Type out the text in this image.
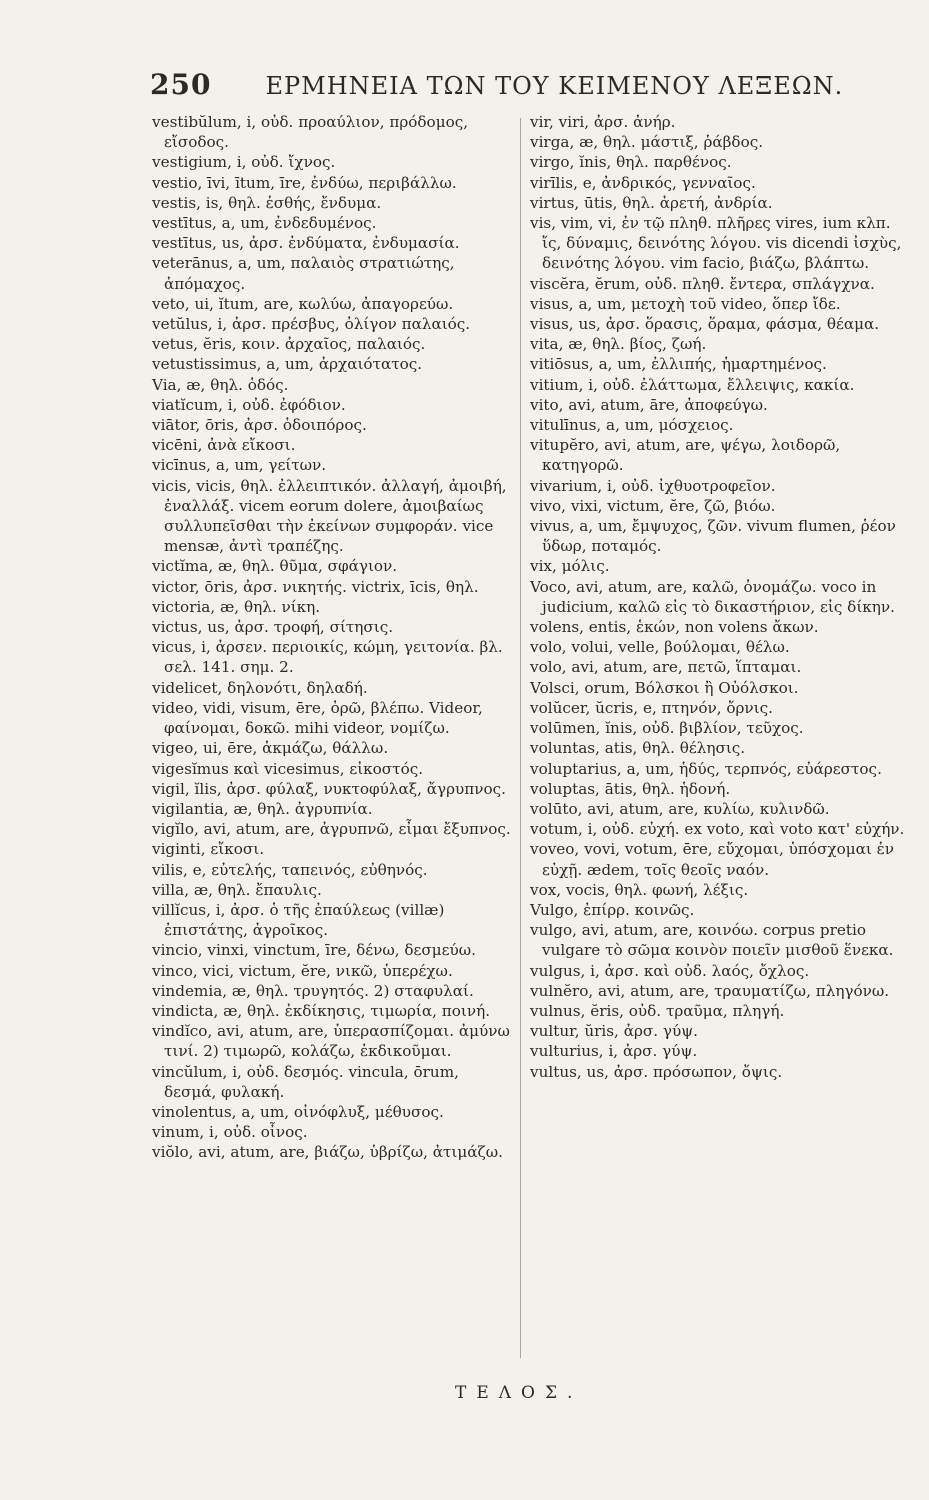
250 ΕΡΜΗΝΕΙΑ ΤΩΝ ΤΟΥ ΚΕΙΜΕΝΟΥ ΛΕΞΕΩΝ.
vestibŭlum, i, οὐδ. προαύλιον, πρόδομος, εἴσοδος.
vestigium, i, οὐδ. ἴχνος.
vestio, īvi, ītum, īre, ἐνδύω, περιβάλλω.
vestis, is, θηλ. ἐσθής, ἔνδυμα.
vestītus, a, um, ἐνδεδυμένος.
vestītus, us, ἀρσ. ἐνδύματα, ἐνδυμασία.
veterānus, a, um, παλαιὸς στρατιώτης, ἀπόμαχος.
veto, ui, ĭtum, are, κωλύω, ἀπαγορεύω.
vetŭlus, i, ἀρσ. πρέσβυς, ὀλίγον παλαιός.
vetus, ĕris, κοιν. ἀρχαῖος, παλαιός.
vetustissimus, a, um, ἀρχαιότατος.
Via, æ, θηλ. ὁδός.
viatĭcum, i, οὐδ. ἐφόδιον.
viātor, ōris, ἀρσ. ὁδοιπόρος.
vicēni, ἀνὰ εἴκοσι.
vicīnus, a, um, γείτων.
vicis, vicis, θηλ. ἐλλειπτικόν. ἀλλαγή, ἀμοιβή, ἐναλλάξ. vicem eorum dolere, ἀμοιβαίως συλλυπεῖσθαι τὴν ἐκείνων συμφοράν. vice mensæ, ἀντὶ τραπέζης.
victĭma, æ, θηλ. θῦμα, σφάγιον.
victor, ōris, ἀρσ. νικητής. victrix, īcis, θηλ.
victoria, æ, θηλ. νίκη.
victus, us, ἀρσ. τροφή, σίτησις.
vicus, i, ἀρσεν. περιοικίς, κώμη, γειτονία. βλ. σελ. 141. σημ. 2.
videlicet, δηλονότι, δηλαδή.
video, vidi, visum, ēre, ὁρῶ, βλέπω. Videor, φαίνομαι, δοκῶ. mihi videor, νομίζω.
vigeo, ui, ēre, ἀκμάζω, θάλλω.
vigesĭmus καὶ vicesimus, εἰκοστός.
vigil, ĭlis, ἀρσ. φύλαξ, νυκτοφύλαξ, ἄγρυπνος.
vigilantia, æ, θηλ. ἀγρυπνία.
vigĭlo, avi, atum, are, ἀγρυπνῶ, εἶμαι ἔξυπνος.
viginti, εἴκοσι.
vilis, e, εὐτελής, ταπεινός, εὐθηνός.
villa, æ, θηλ. ἔπαυλις.
villĭcus, i, ἀρσ. ὁ τῆς ἐπαύλεως (villæ) ἐπιστάτης, ἀγροῖκος.
vincio, vinxi, vinctum, īre, δένω, δεσμεύω.
vinco, vici, victum, ĕre, νικῶ, ὑπερέχω.
vindemia, æ, θηλ. τρυγητός. 2) σταφυλαί.
vindicta, æ, θηλ. ἐκδίκησις, τιμωρία, ποινή.
vindĭco, avi, atum, are, ὑπερασπίζομαι. ἀμύνω τινί. 2) τιμωρῶ, κολάζω, ἐκδικοῦμαι.
vincŭlum, i, οὐδ. δεσμός. vincula, ōrum, δεσμά, φυλακή.
vinolentus, a, um, οἰνόφλυξ, μέθυσος.
vinum, i, οὐδ. οἶνος.
viŏlo, avi, atum, are, βιάζω, ὑβρίζω, ἀτιμάζω.
vir, viri, ἀρσ. ἀνήρ.
virga, æ, θηλ. μάστιξ, ῥάβδος.
virgo, ĭnis, θηλ. παρθένος.
virīlis, e, ἀνδρικός, γενναῖος.
virtus, ūtis, θηλ. ἀρετή, ἀνδρία.
vis, vim, vi, ἐν τῷ πληθ. πλῆρες vires, ium κλπ. ἴς, δύναμις, δεινότης λόγου. vis dicendi ἰσχὺς, δεινότης λόγου. vim facio, βιάζω, βλάπτω.
viscĕra, ĕrum, οὐδ. πληθ. ἔντερα, σπλάγχνα.
visus, a, um, μετοχὴ τοῦ video, ὅπερ ἴδε.
visus, us, ἀρσ. ὅρασις, ὅραμα, φάσμα, θέαμα.
vita, æ, θηλ. βίος, ζωή.
vitiōsus, a, um, ἐλλιπής, ἡμαρτημένος.
vitium, i, οὐδ. ἐλάττωμα, ἔλλειψις, κακία.
vito, avi, atum, āre, ἀποφεύγω.
vitulīnus, a, um, μόσχειος.
vitupĕro, avi, atum, are, ψέγω, λοιδορῶ, κατηγορῶ.
vivarium, i, οὐδ. ἰχθυοτροφεῖον.
vivo, vixi, victum, ĕre, ζῶ, βιόω.
vivus, a, um, ἔμψυχος, ζῶν. vivum flumen, ῥέον ὕδωρ, ποταμός.
vix, μόλις.
Voco, avi, atum, are, καλῶ, ὀνομάζω. voco in judicium, καλῶ εἰς τὸ δικαστήριον, εἰς δίκην.
volens, entis, ἑκών, non volens ἄκων.
volo, volui, velle, βούλομαι, θέλω.
volo, avi, atum, are, πετῶ, ἵπταμαι.
Volsci, orum, Βόλσκοι ἢ Οὐόλσκοι.
volŭcer, ŭcris, e, πτηνόν, ὄρνις.
volūmen, ĭnis, οὐδ. βιβλίον, τεῦχος.
voluntas, atis, θηλ. θέλησις.
voluptarius, a, um, ἡδύς, τερπνός, εὐάρεστος.
voluptas, ātis, θηλ. ἡδονή.
volūto, avi, atum, are, κυλίω, κυλινδῶ.
votum, i, οὐδ. εὐχή. ex voto, καὶ voto κατ' εὐχήν.
voveo, vovi, votum, ēre, εὔχομαι, ὑπόσχομαι ἐν εὐχῇ. ædem, τοῖς θεοῖς ναόν.
vox, vocis, θηλ. φωνή, λέξις.
Vulgo, ἐπίρρ. κοινῶς.
vulgo, avi, atum, are, κοινόω. corpus pretio vulgare τὸ σῶμα κοινὸν ποιεῖν μισθοῦ ἕνεκα.
vulgus, i, ἀρσ. καὶ οὐδ. λαός, ὄχλος.
vulnĕro, avi, atum, are, τραυματίζω, πληγόνω.
vulnus, ĕris, οὐδ. τραῦμα, πληγή.
vultur, ŭris, ἀρσ. γύψ.
vulturius, i, ἀρσ. γύψ.
vultus, us, ἀρσ. πρόσωπον, ὄψις.
ΤΕΛΟΣ.
